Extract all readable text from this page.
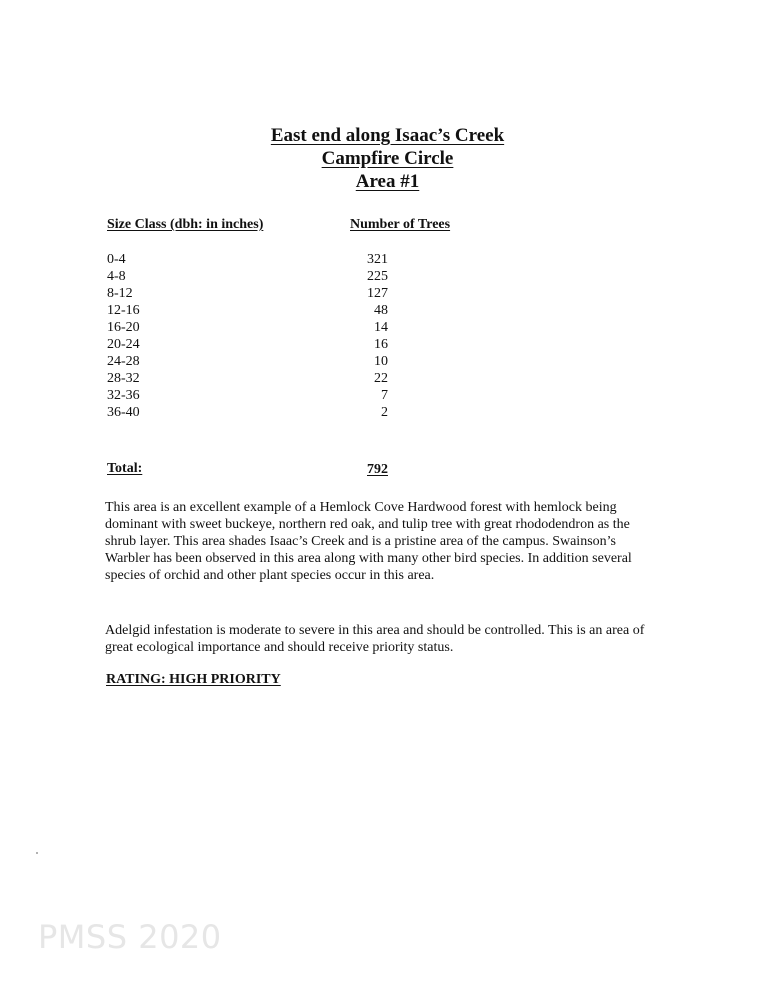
East end along Isaac’s Creek
Campfire Circle
Area #1
Size Class (dbh: in inches)	Number of Trees
0-4	321
4-8	225
8-12	127
12-16	48
16-20	14
20-24	16
24-28	10
28-32	22
32-36	7
36-40	2
Total:	792

This area is an excellent example of a Hemlock Cove Hardwood forest with hemlock being dominant with sweet buckeye, northern red oak, and tulip tree with great rhododendron as the shrub layer. This area shades Isaac’s Creek and is a pristine area of the campus. Swainson’s Warbler has been observed in this area along with many other bird species. In addition several species of orchid and other plant species occur in this area.

Adelgid infestation is moderate to severe in this area and should be controlled. This is an area of great ecological importance and should receive priority status.

RATING: HIGH PRIORITY
PMSS 2020
